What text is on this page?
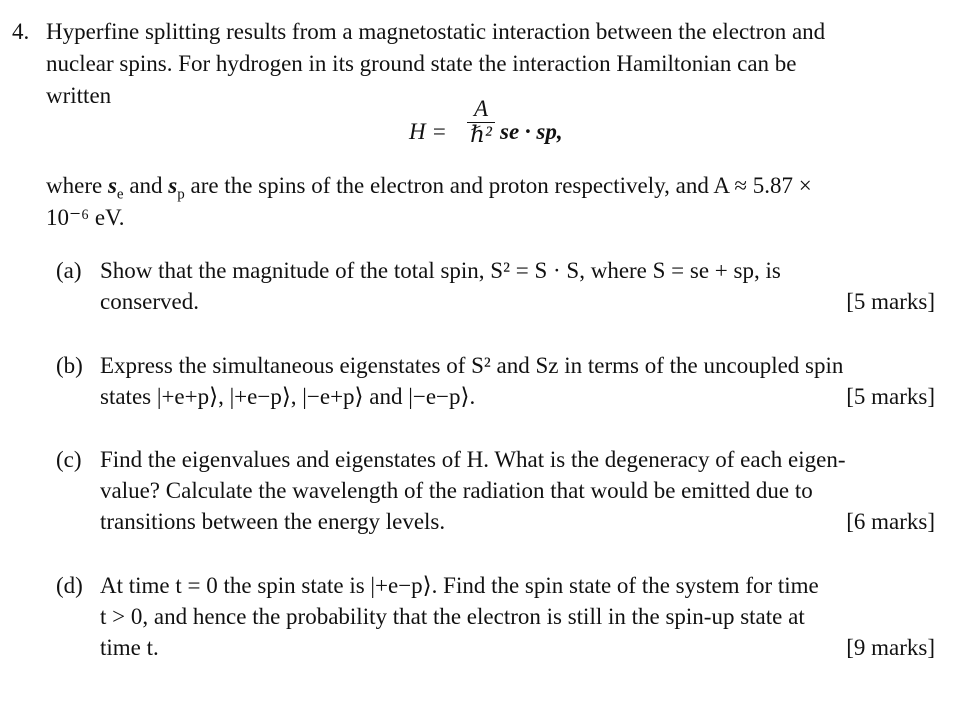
4. Hyperfine splitting results from a magnetostatic interaction between the electron and
nuclear spins. For hydrogen in its ground state the interaction Hamiltonian can be
written
H =
A
ℏ² se · sp,
where $s_e$ and $s_p$ are the spins of the electron and proton respectively, and A ≈ 5.87 ×
10⁻⁶ eV.
(a) Show that the magnitude of the total spin, S² = S · S, where S = se + sp, is
conserved.	[5 marks]
(b) Express the simultaneous eigenstates of S² and Sz in terms of the uncoupled spin
states |+e+p⟩, |+e−p⟩, |−e+p⟩ and |−e−p⟩.	[5 marks]
(c) Find the eigenvalues and eigenstates of H. What is the degeneracy of each eigen-
value? Calculate the wavelength of the radiation that would be emitted due to
transitions between the energy levels.	[6 marks]
(d) At time t = 0 the spin state is |+e−p⟩. Find the spin state of the system for time
t > 0, and hence the probability that the electron is still in the spin-up state at
time t.	[9 marks]
